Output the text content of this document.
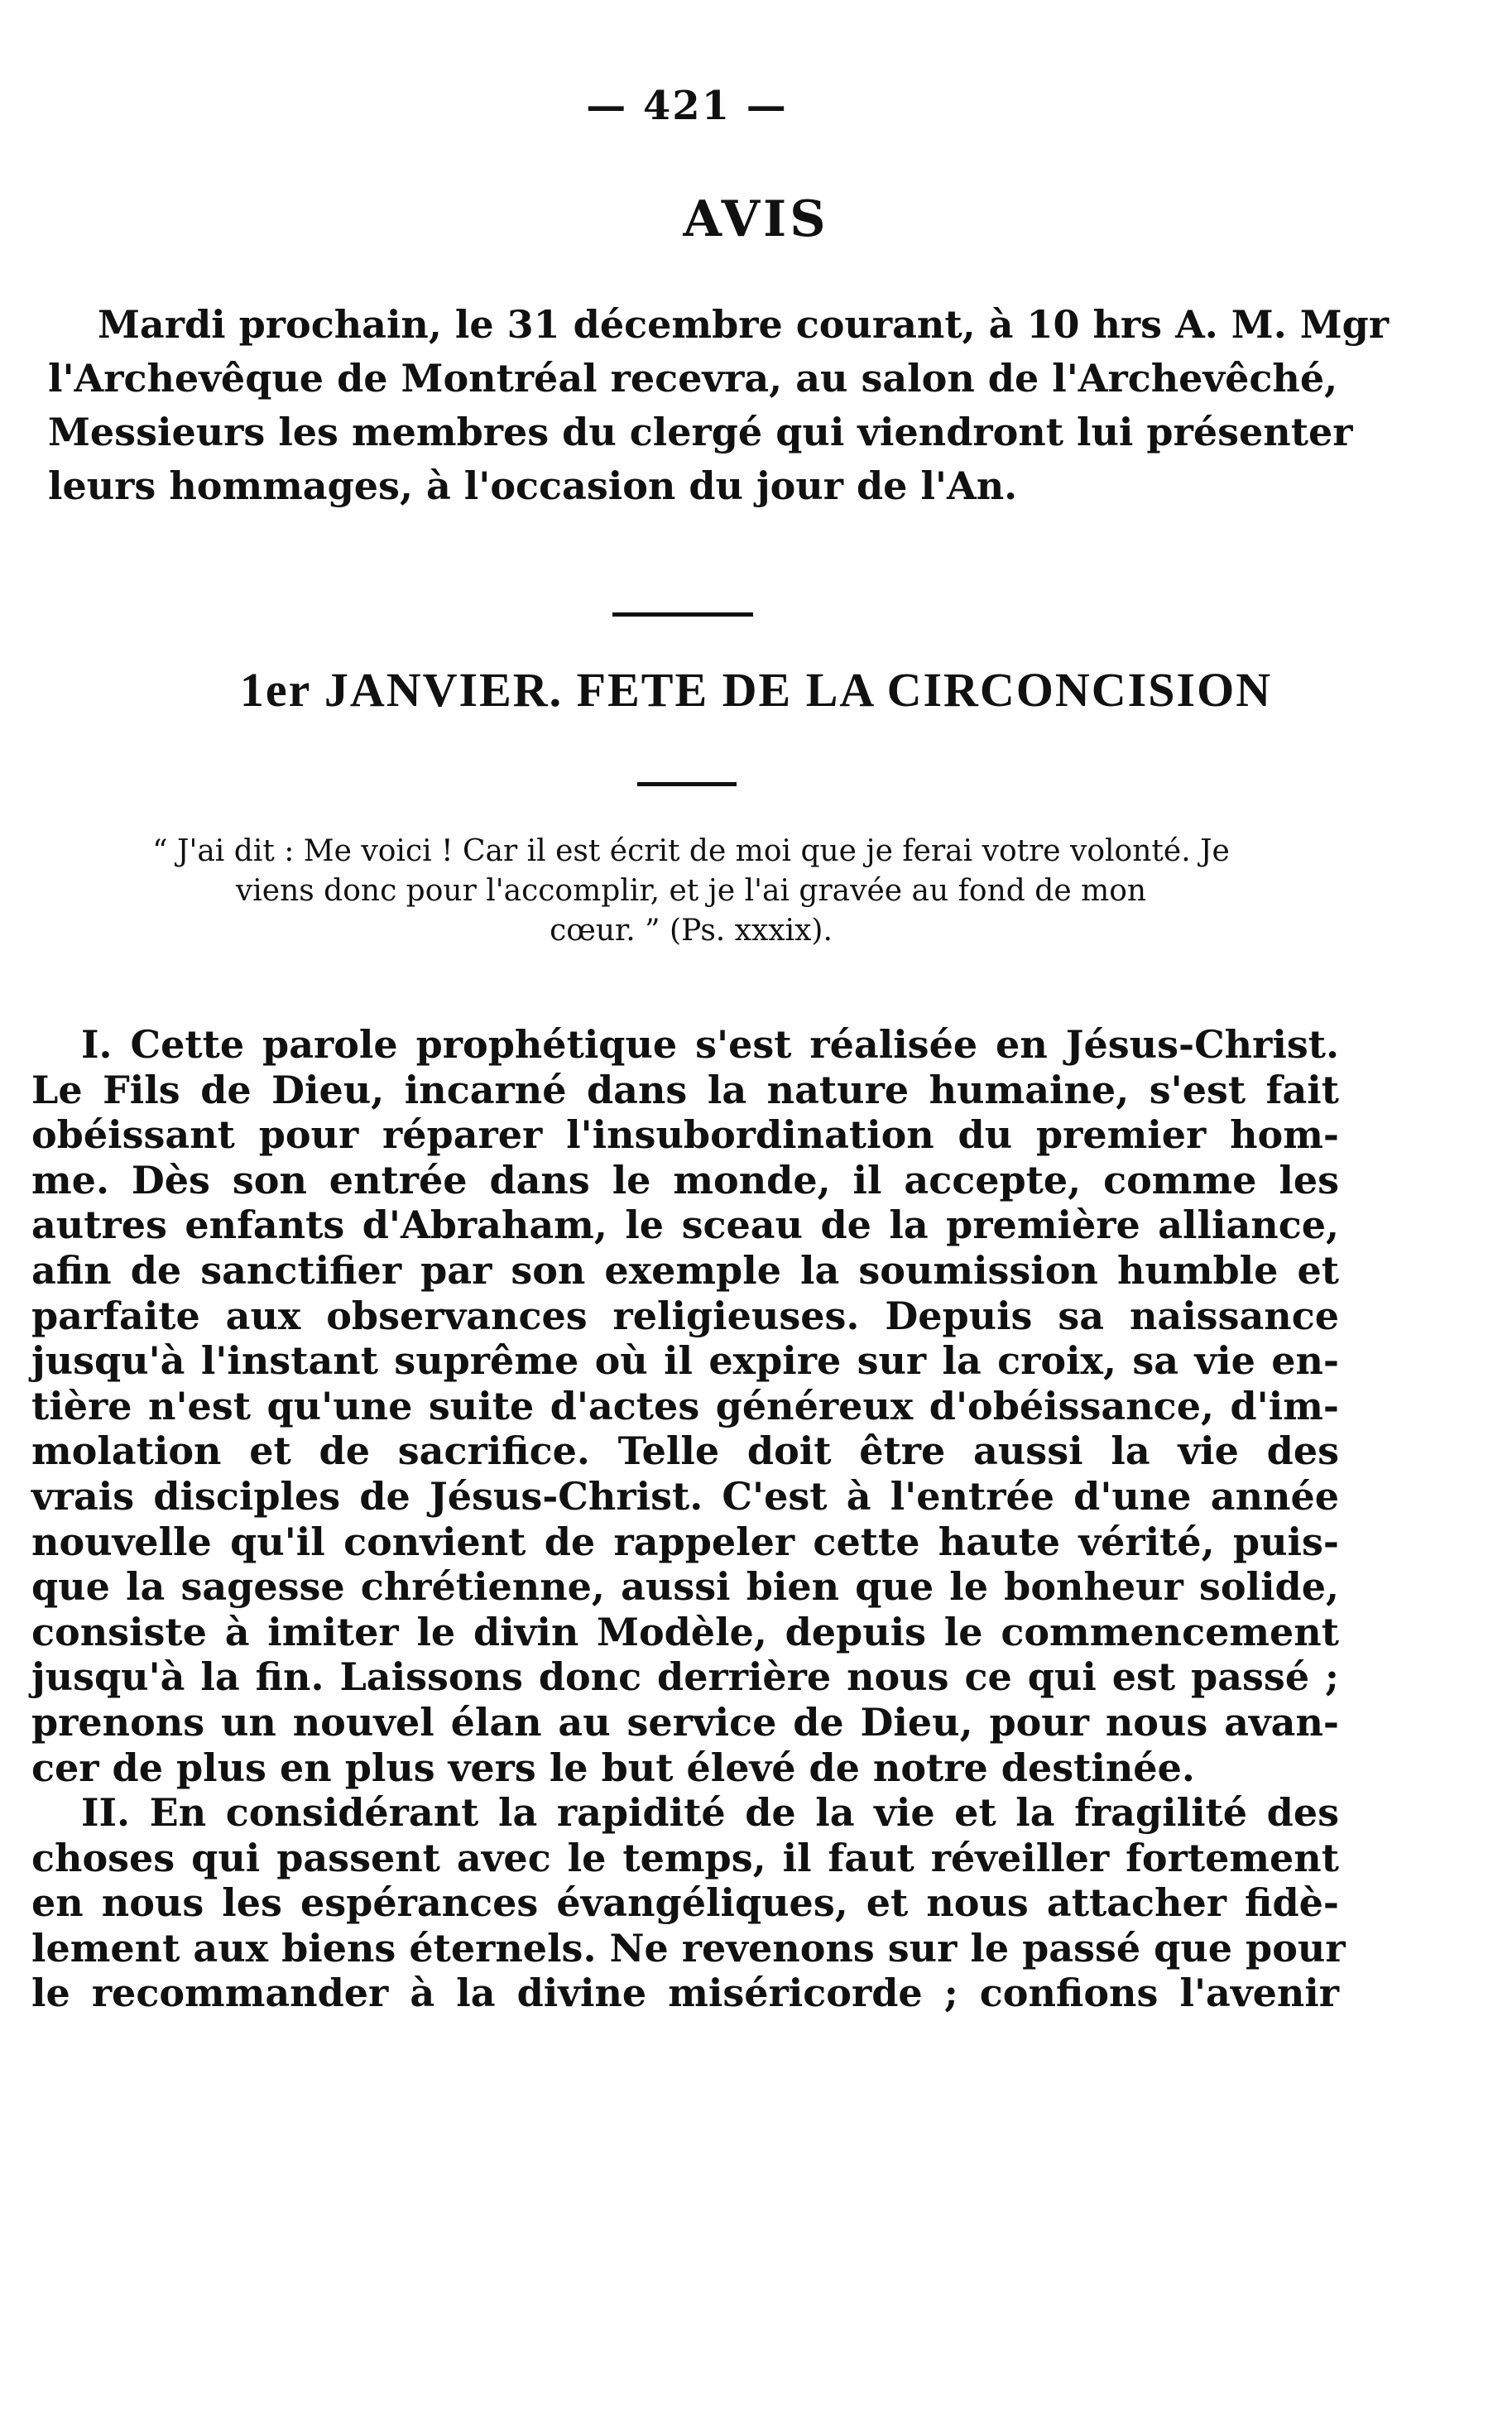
— 421 —
AVIS
Mardi prochain, le 31 décembre courant, à 10 hrs A. M. Mgr
l'Archevêque de Montréal recevra, au salon de l'Archevêché,
Messieurs les membres du clergé qui viendront lui présenter
leurs hommages, à l'occasion du jour de l'An.
1er JANVIER. FETE DE LA CIRCONCISION
“ J'ai dit : Me voici ! Car il est écrit de moi que je ferai votre volonté. Je
viens donc pour l'accomplir, et je l'ai gravée au fond de mon
cœur. ” (Ps. xxxix).
I. Cette parole prophétique s'est réalisée en Jésus-Christ.
Le Fils de Dieu, incarné dans la nature humaine, s'est fait
obéissant pour réparer l'insubordination du premier hom-
me. Dès son entrée dans le monde, il accepte, comme les
autres enfants d'Abraham, le sceau de la première alliance,
afin de sanctifier par son exemple la soumission humble et
parfaite aux observances religieuses. Depuis sa naissance
jusqu'à l'instant suprême où il expire sur la croix, sa vie en-
tière n'est qu'une suite d'actes généreux d'obéissance, d'im-
molation et de sacrifice. Telle doit être aussi la vie des
vrais disciples de Jésus-Christ. C'est à l'entrée d'une année
nouvelle qu'il convient de rappeler cette haute vérité, puis-
que la sagesse chrétienne, aussi bien que le bonheur solide,
consiste à imiter le divin Modèle, depuis le commencement
jusqu'à la fin. Laissons donc derrière nous ce qui est passé ;
prenons un nouvel élan au service de Dieu, pour nous avan-
cer de plus en plus vers le but élevé de notre destinée.
II. En considérant la rapidité de la vie et la fragilité des
choses qui passent avec le temps, il faut réveiller fortement
en nous les espérances évangéliques, et nous attacher fidè-
lement aux biens éternels. Ne revenons sur le passé que pour
le recommander à la divine miséricorde ; confions l'avenir
